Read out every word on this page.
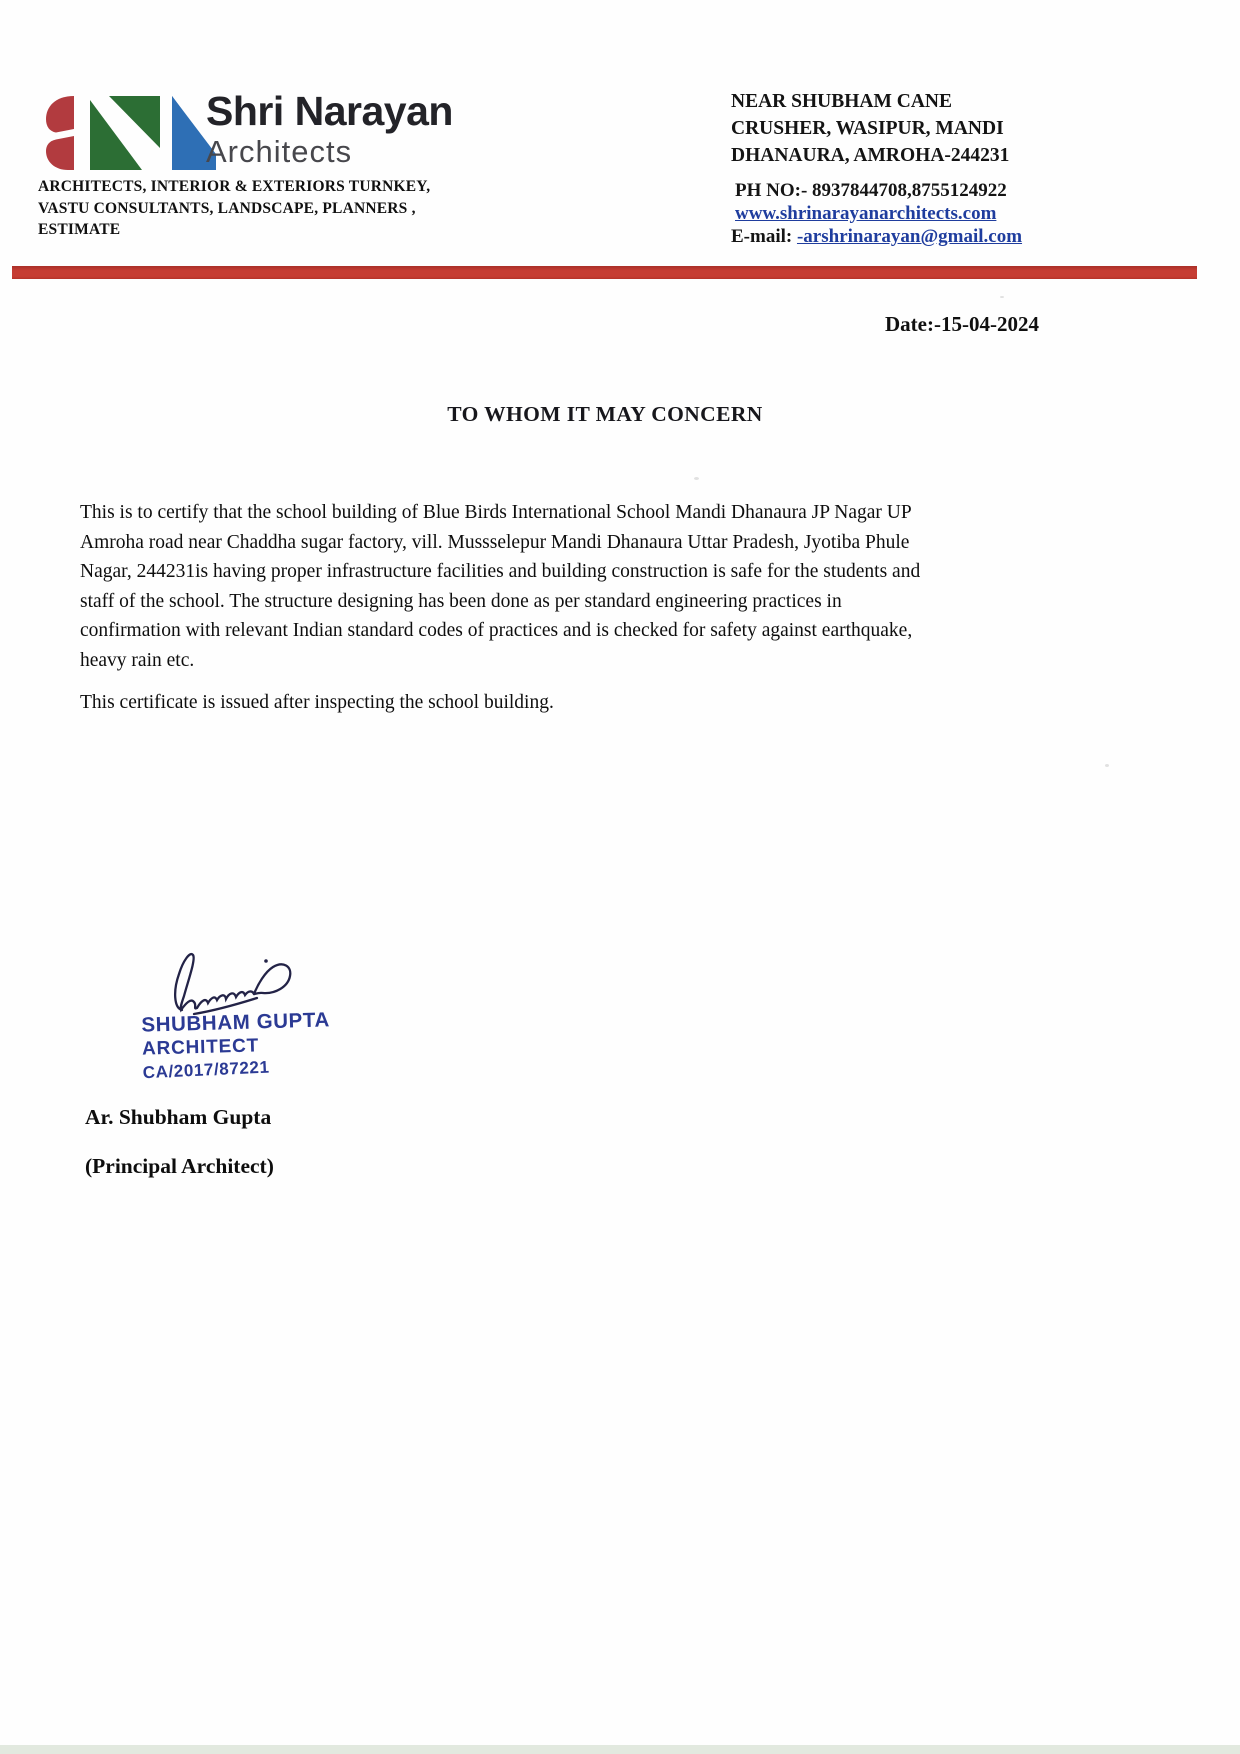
Shri Narayan
Architects
ARCHITECTS, INTERIOR & EXTERIORS TURNKEY,
VASTU CONSULTANTS, LANDSCAPE, PLANNERS ,
ESTIMATE
NEAR SHUBHAM CANE
CRUSHER, WASIPUR, MANDI
DHANAURA, AMROHA-244231
PH NO:- 8937844708,8755124922
www.shrinarayanarchitects.com
E-mail: -arshrinarayan@gmail.com
Date:-15-04-2024
TO WHOM IT MAY CONCERN
This is to certify that the school building of Blue Birds International School Mandi Dhanaura JP Nagar UP
Amroha road near Chaddha sugar factory, vill. Mussselepur Mandi Dhanaura Uttar Pradesh, Jyotiba Phule
Nagar, 244231is having proper infrastructure facilities and building construction is safe for the students and
staff of the school. The structure designing has been done as per standard engineering practices in
confirmation with relevant Indian standard codes of practices and is checked for safety against earthquake,
heavy rain etc.
This certificate is issued after inspecting the school building.
SHUBHAM GUPTA
ARCHITECT
CA/2017/87221
Ar. Shubham Gupta
(Principal Architect)
